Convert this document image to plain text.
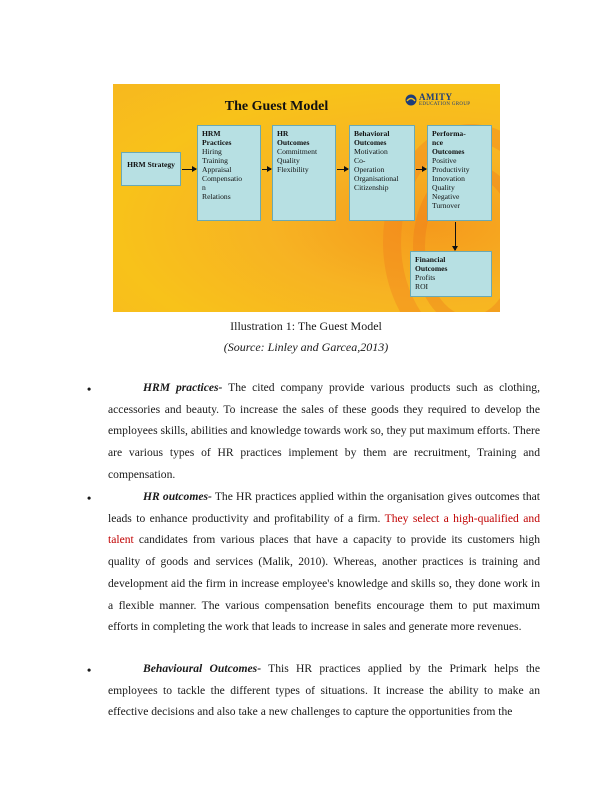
The Guest Model
AMITY
EDUCATION GROUP
HRM Strategy
HRM
Practices
Hiring
Training
Appraisal
Compensatio
n
Relations
HR
Outcomes
Commitment
Quality
Flexibility
Behavioral
Outcomes
Motivation
Co-
Operation
Organisational
Citizenship
Performa-
nce
Outcomes
Positive
Productivity
Innovation
Quality
Negative
Turnover
Financial
Outcomes
Profits
ROI
Illustration 1: The Guest Model
(Source: Linley and Garcea,2013)
•	HRM practices- The cited company provide various products such as clothing, accessories and beauty. To increase the sales of these goods they required to develop the employees skills, abilities and knowledge towards work so, they put maximum efforts. There are various types of HR practices implement by them are recruitment, Training and compensation.

•	HR outcomes- The HR practices applied within the organisation gives outcomes that leads to enhance productivity and profitability of a firm. They select a high-qualified and talent candidates from various places that have a capacity to provide its customers high quality of goods and services (Malik, 2010). Whereas, another practices is training and development aid the firm in increase employee's knowledge and skills so, they done work in a flexible manner. The various compensation benefits encourage them to put maximum efforts in completing the work that leads to increase in sales and generate more revenues.

•	Behavioural Outcomes- This HR practices applied by the Primark helps the employees to tackle the different types of situations. It increase the ability to make an effective decisions and also take a new challenges to capture the opportunities from the
